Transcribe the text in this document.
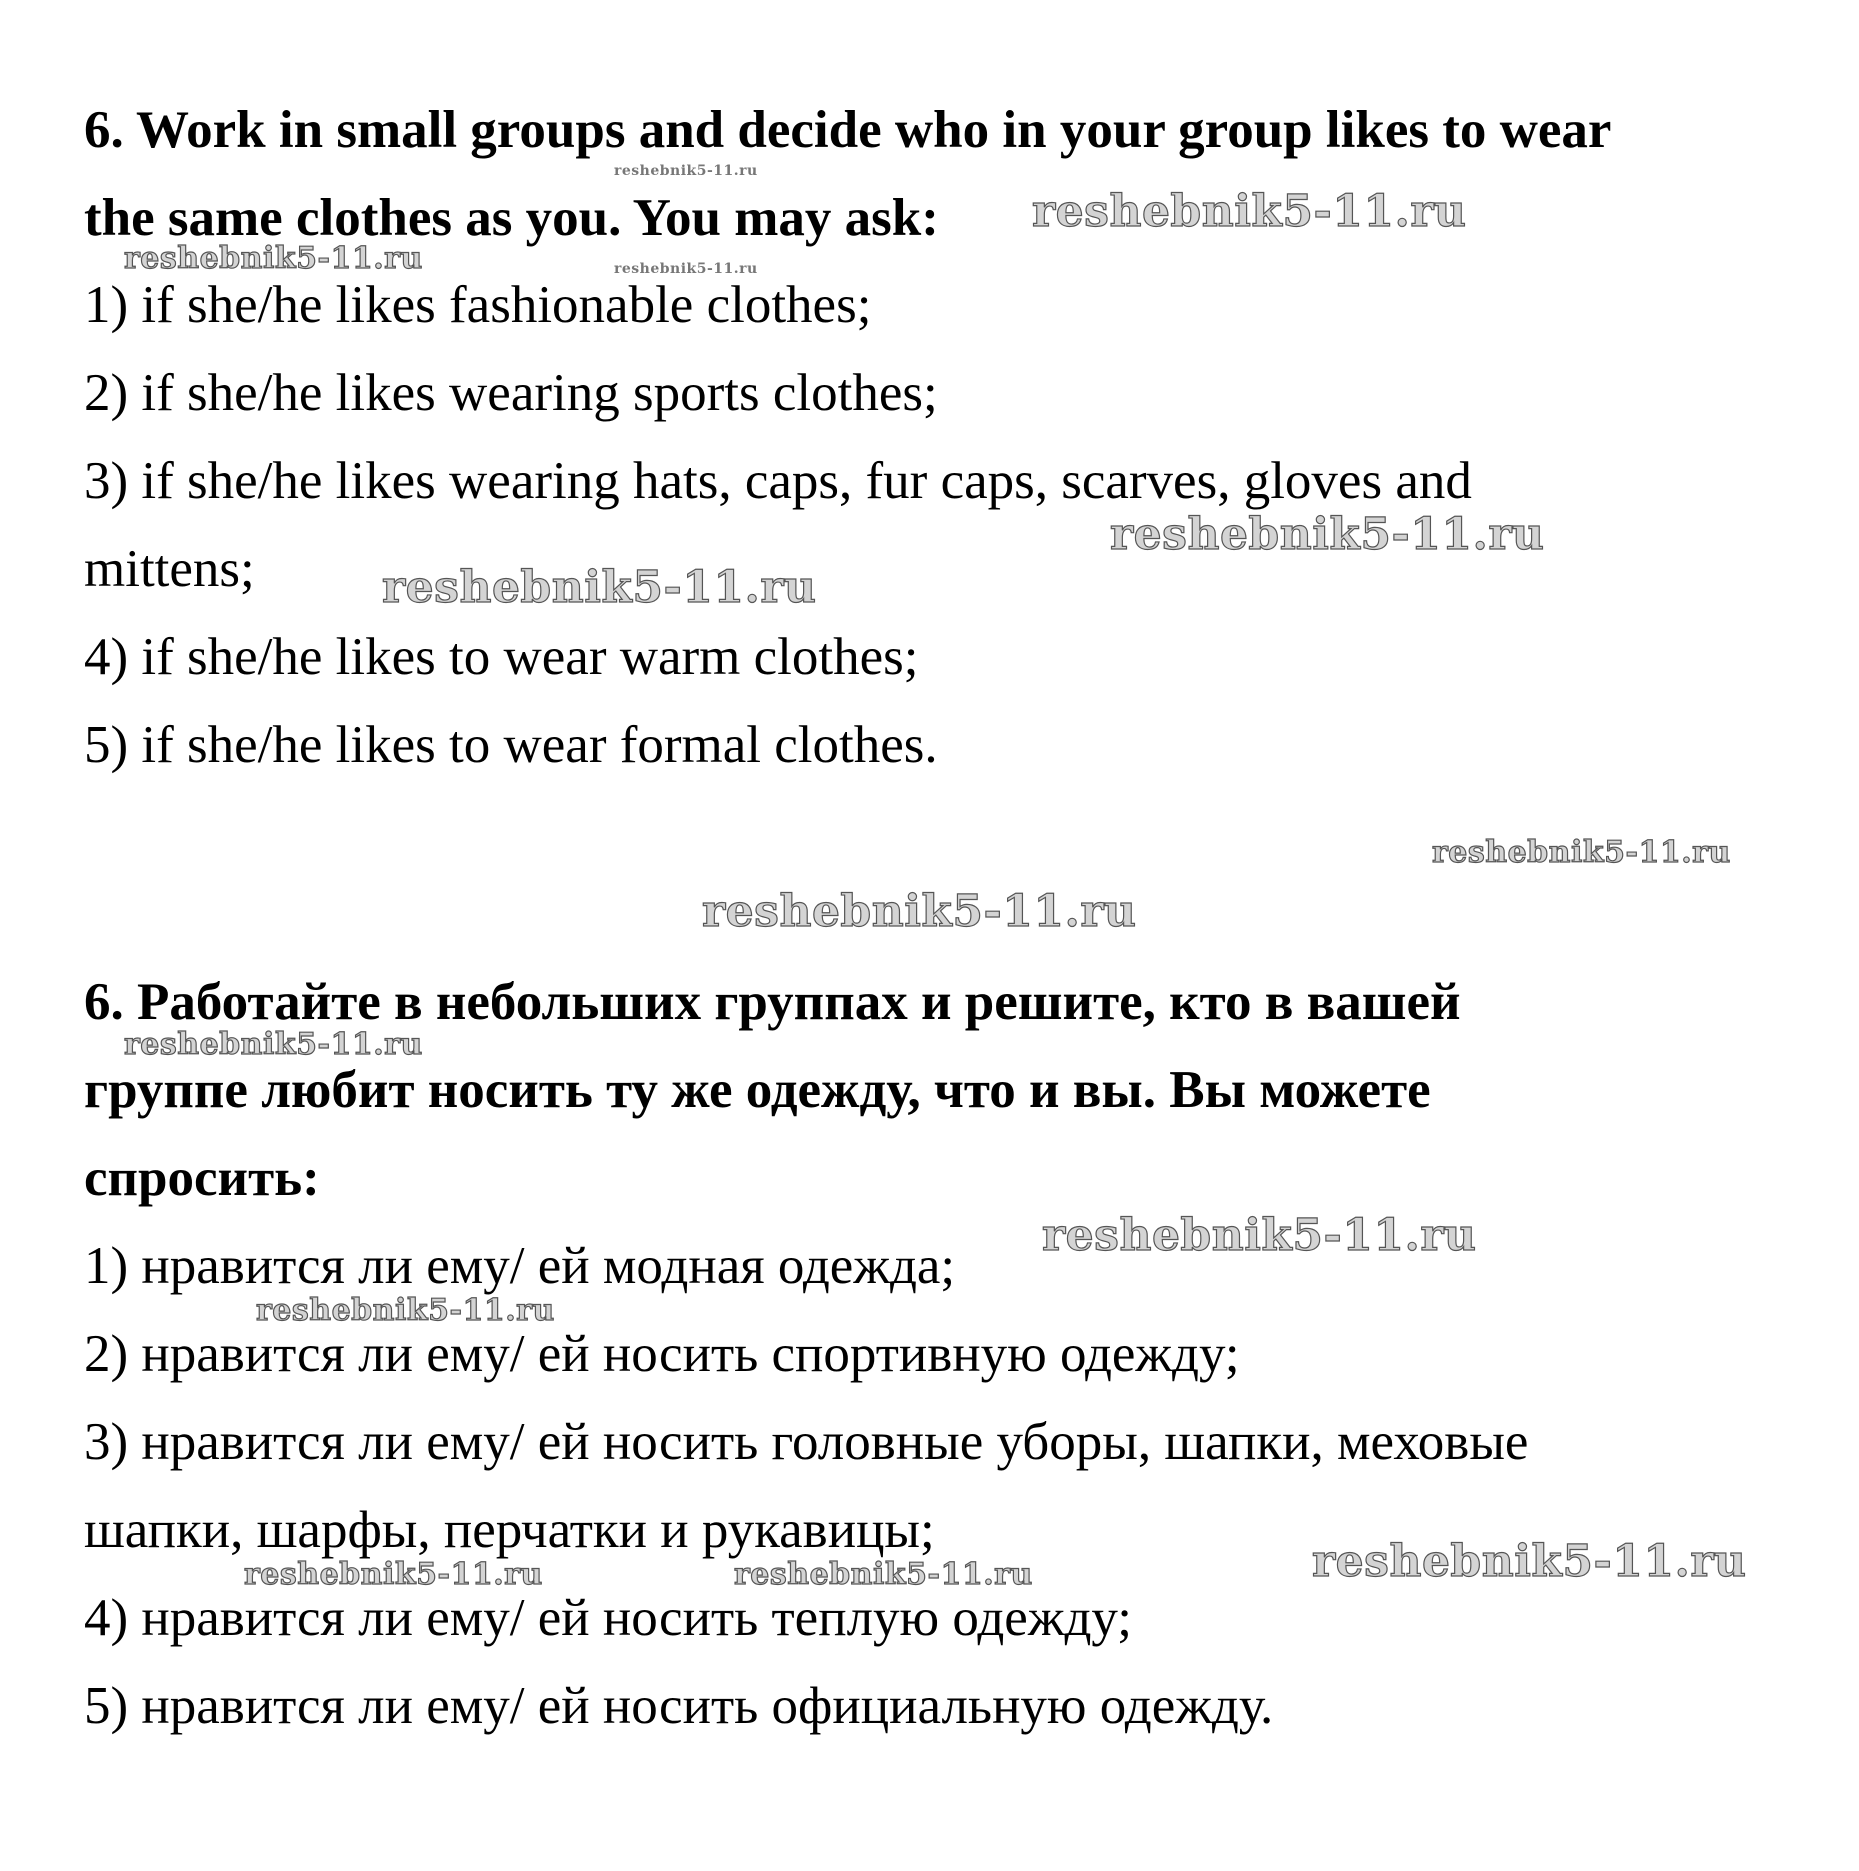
6. Work in small groups and decide who in your group likes to wear

the same clothes as you. You may ask:

1) if she/he likes fashionable clothes;

2) if she/he likes wearing sports clothes;

3) if she/he likes wearing hats, caps, fur caps, scarves, gloves and

mittens;

4) if she/he likes to wear warm clothes;

5) if she/he likes to wear formal clothes.

6. Работайте в небольших группах и решите, кто в вашей

группе любит носить ту же одежду, что и вы. Вы можете

спросить:

1) нравится ли ему/ ей модная одежда;

2) нравится ли ему/ ей носить спортивную одежду;

3) нравится ли ему/ ей носить головные уборы, шапки, меховые

шапки, шарфы, перчатки и рукавицы;

4) нравится ли ему/ ей носить теплую одежду;

5) нравится ли ему/ ей носить официальную одежду.

reshebnik5-11.ru
reshebnik5-11.ru
reshebnik5-11.ru	reshebnik5-11.ru
reshebnik5-11.ru
reshebnik5-11.ru
reshebnik5-11.ru
reshebnik5-11.ru
reshebnik5-11.ru
reshebnik5-11.ru
reshebnik5-11.ru
reshebnik5-11.ru	reshebnik5-11.ru	reshebnik5-11.ru
